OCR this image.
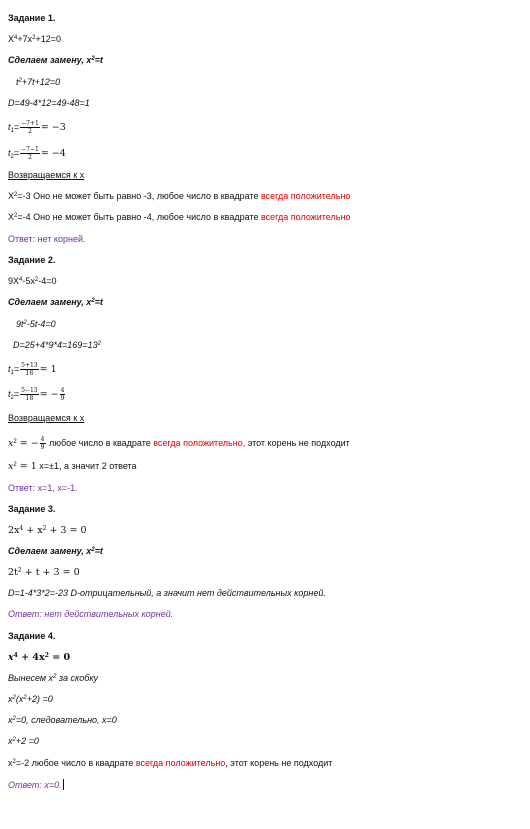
Задание 1.
$X^4+7x^2+12=0$
Сделаем замену, $x^2=t$
$t^2+7t+12=0$
D=49-4*12=49-48=1
$t_1= \frac{-7+1}{2} = -3$
$t_2= \frac{-7-1}{2} = -4$
Возвращаемся к x
$X^2=-3$ Оно не может быть равно -3, любое число в квадрате всегда положительно
$X^2=-4$ Оно не может быть равно -4, любое число в квадрате всегда положительно
Ответ: нет корней.
Задание 2.
$9X^4-5x^2-4=0$
Сделаем замену, $x^2=t$
$9t^2-5t-4=0$
$D=25+4*9*4=169=13^2$
$t_1= \frac{5+13}{18} = 1$
$t_2= \frac{5-13}{18}$ = − $\frac{4}{9}$
Возвращаемся к x
$x^2$ = − $\frac{4}{9}$ любое число в квадрате всегда положительно, этот корень не подходит
$x^2 = 1$ x=±1, а значит 2 ответа
Ответ: x=1, x=-1.
Задание 3.
$2x^4 + x^2 + 3 = 0$
Сделаем замену, $x^2=t$
$2t^2 + t + 3 = 0$
D=1-4*3*2=-23 D-отрицательный, а значит нет действительных корней.
Ответ: нет действительных корней.
Задание 4.
$x^4 + 4x^2 = 0$
Вынесем $x^2$ за скобку
$x^2(x^2+2) =0$
$x^2=0$, следовательно, x=0
$x^2+2 =0$
$x^2=-2$ любое число в квадрате всегда положительно, этот корень не подходит
Ответ: x=0.
